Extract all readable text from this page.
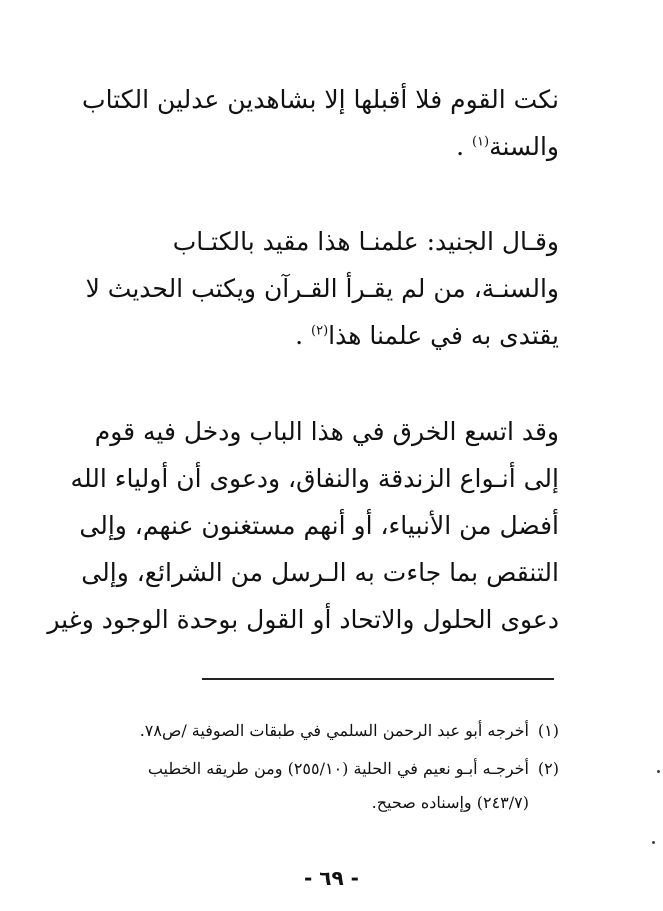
نكت القوم فلا أقبلها إلا بشاهدين عدلين الكتاب
والسنة$^{(١)}$ .
وقـال الجنيد: علمنـا هذا مقيد بالكتـاب
والسنـة، من لم يقـرأ القـرآن ويكتب الحديث لا
يقتدى به في علمنا هذا$^{(٢)}$ .
وقد اتسع الخرق في هذا الباب ودخل فيه قوم
إلى أنـواع الزندقة والنفاق، ودعوى أن أولياء الله
أفضل من الأنبياء، أو أنهم مستغنون عنهم، وإلى
التنقص بما جاءت به الـرسل من الشرائع، وإلى
دعوى الحلول والاتحاد أو القول بوحدة الوجود وغير
(١)أخرجه أبو عبد الرحمن السلمي في طبقات الصوفية /ص٧٨.
(٢)أخرجـه أبـو نعيم في الحلية (٢٥٥/١٠) ومن طريقه الخطيب
(٢٤٣/٧) وإسناده صحيح.
- ٦٩ -
